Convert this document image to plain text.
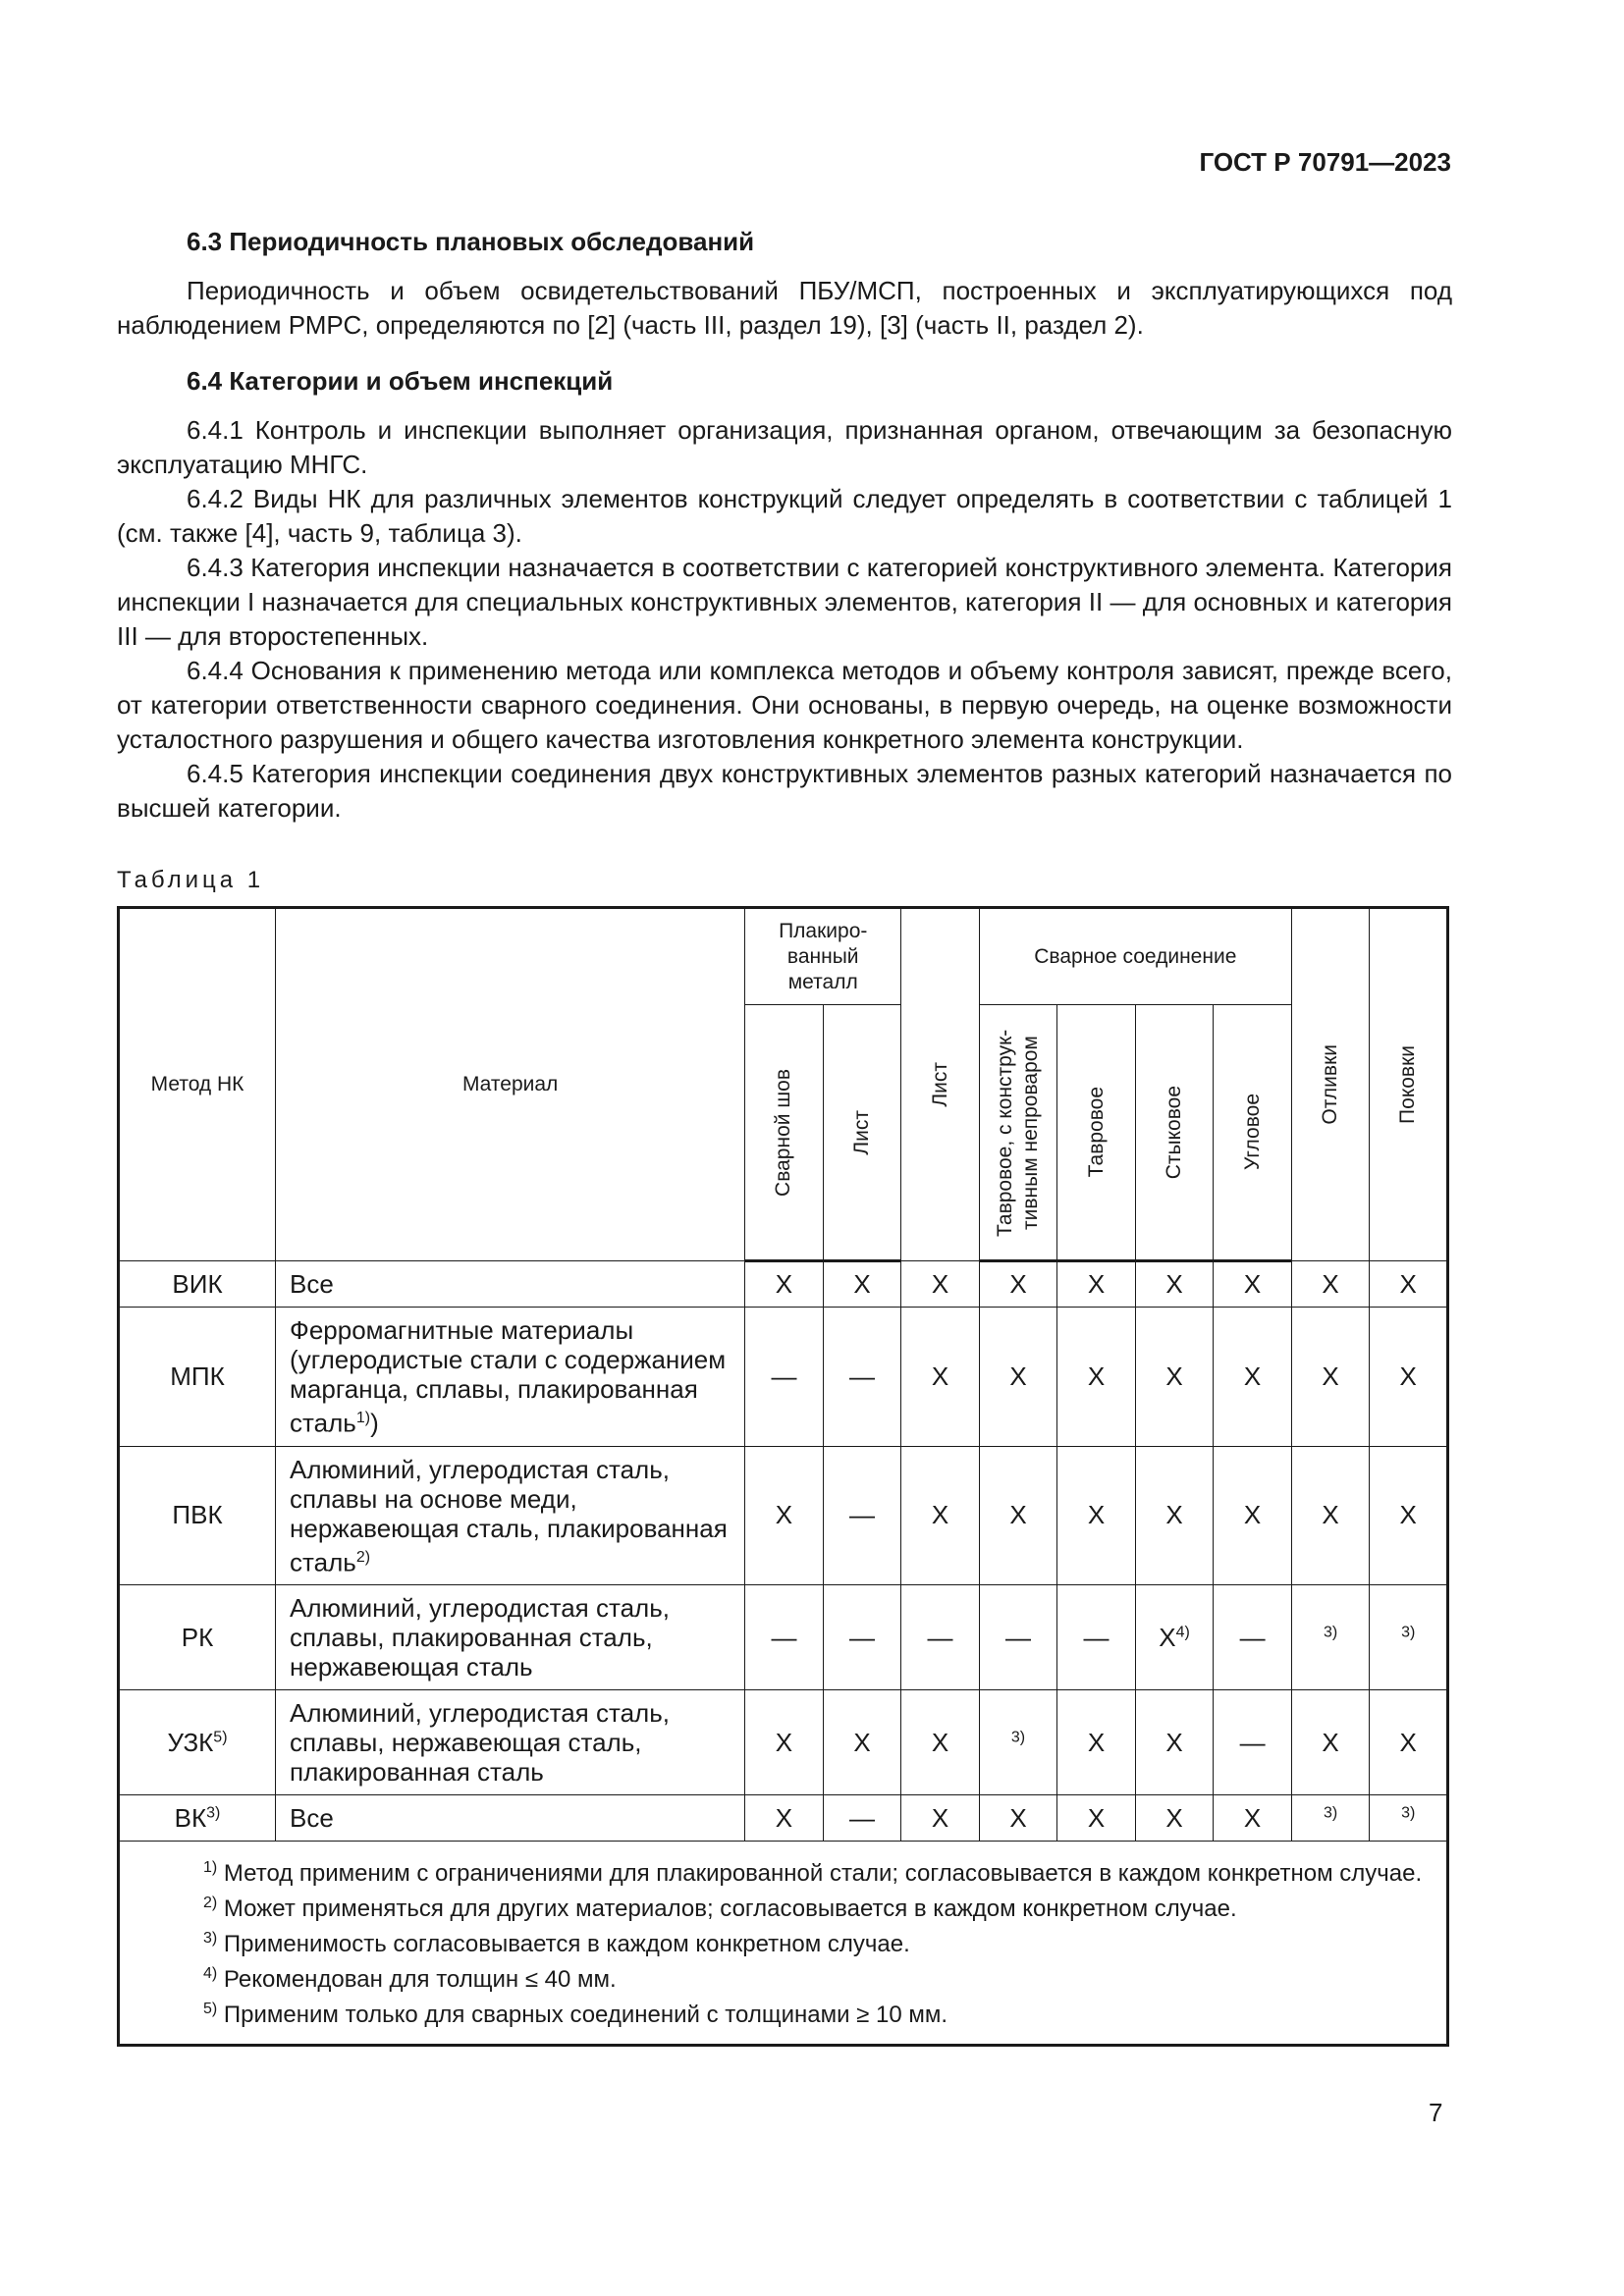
ГОСТ Р 70791—2023
6.3 Периодичность плановых обследований

Периодичность и объем освидетельствований ПБУ/МСП, построенных и эксплуатирующихся под наблюдением РМРС, определяются по [2] (часть III, раздел 19), [3] (часть II, раздел 2).

6.4 Категории и объем инспекций

6.4.1 Контроль и инспекции выполняет организация, признанная органом, отвечающим за безопасную эксплуатацию МНГС.

6.4.2 Виды НК для различных элементов конструкций следует определять в соответствии с таблицей 1 (см. также [4], часть 9, таблица 3).

6.4.3 Категория инспекции назначается в соответствии с категорией конструктивного элемента. Категория инспекции I назначается для специальных конструктивных элементов, категория II — для основных и категория III — для второстепенных.

6.4.4 Основания к применению метода или комплекса методов и объему контроля зависят, прежде всего, от категории ответственности сварного соединения. Они основаны, в первую очередь, на оценке возможности усталостного разрушения и общего качества изготовления конкретного элемента конструкции.

6.4.5 Категория инспекции соединения двух конструктивных элементов разных категорий назначается по высшей категории.

Таблица 1
Метод НК	Материал	Плакиро-ванный металл		Лист	Сварное соединение				Отливки	Поковки

		Сварной шов	Лист		Тавровое, с конструк- тивным непроваром	Тавровое	Стыковое	Угловое		

ВИК	Все	X	X	X	X	X	X	X	X	X
МПК	Ферромагнитные материалы (углеродистые стали с содержанием марганца, сплавы, плакированная сталь$^{1)}$)	—	—	X	X	X	X	X	X	X
ПВК	Алюминий, углеродистая сталь, сплавы на основе меди, нержавеющая сталь, плакированная сталь$^{2)}$	X	—	X	X	X	X	X	X	X
РК	Алюминий, углеродистая сталь, сплавы, плакированная сталь, нержавеющая сталь	—	—	—	—	—	X$^{4)}$	—	$^{3)}$	$^{3)}$
УЗК$^{5)}$	Алюминий, углеродистая сталь, сплавы, нержавеющая сталь, плакированная сталь	X	X	X	$^{3)}$	X	X	—	X	X
ВК$^{3)}$	Все	X	—	X	X	X	X	X	$^{3)}$	$^{3)}$

$^{1)}$ Метод применим с ограничениями для плакированной стали; согласовывается в каждом конкретном случае.
$^{2)}$ Может применяться для других материалов; согласовывается в каждом конкретном случае.
$^{3)}$ Применимость согласовывается в каждом конкретном случае.
$^{4)}$ Рекомендован для толщин ≤ 40 мм.
$^{5)}$ Применим только для сварных соединений с толщинами ≥ 10 мм.										
7
